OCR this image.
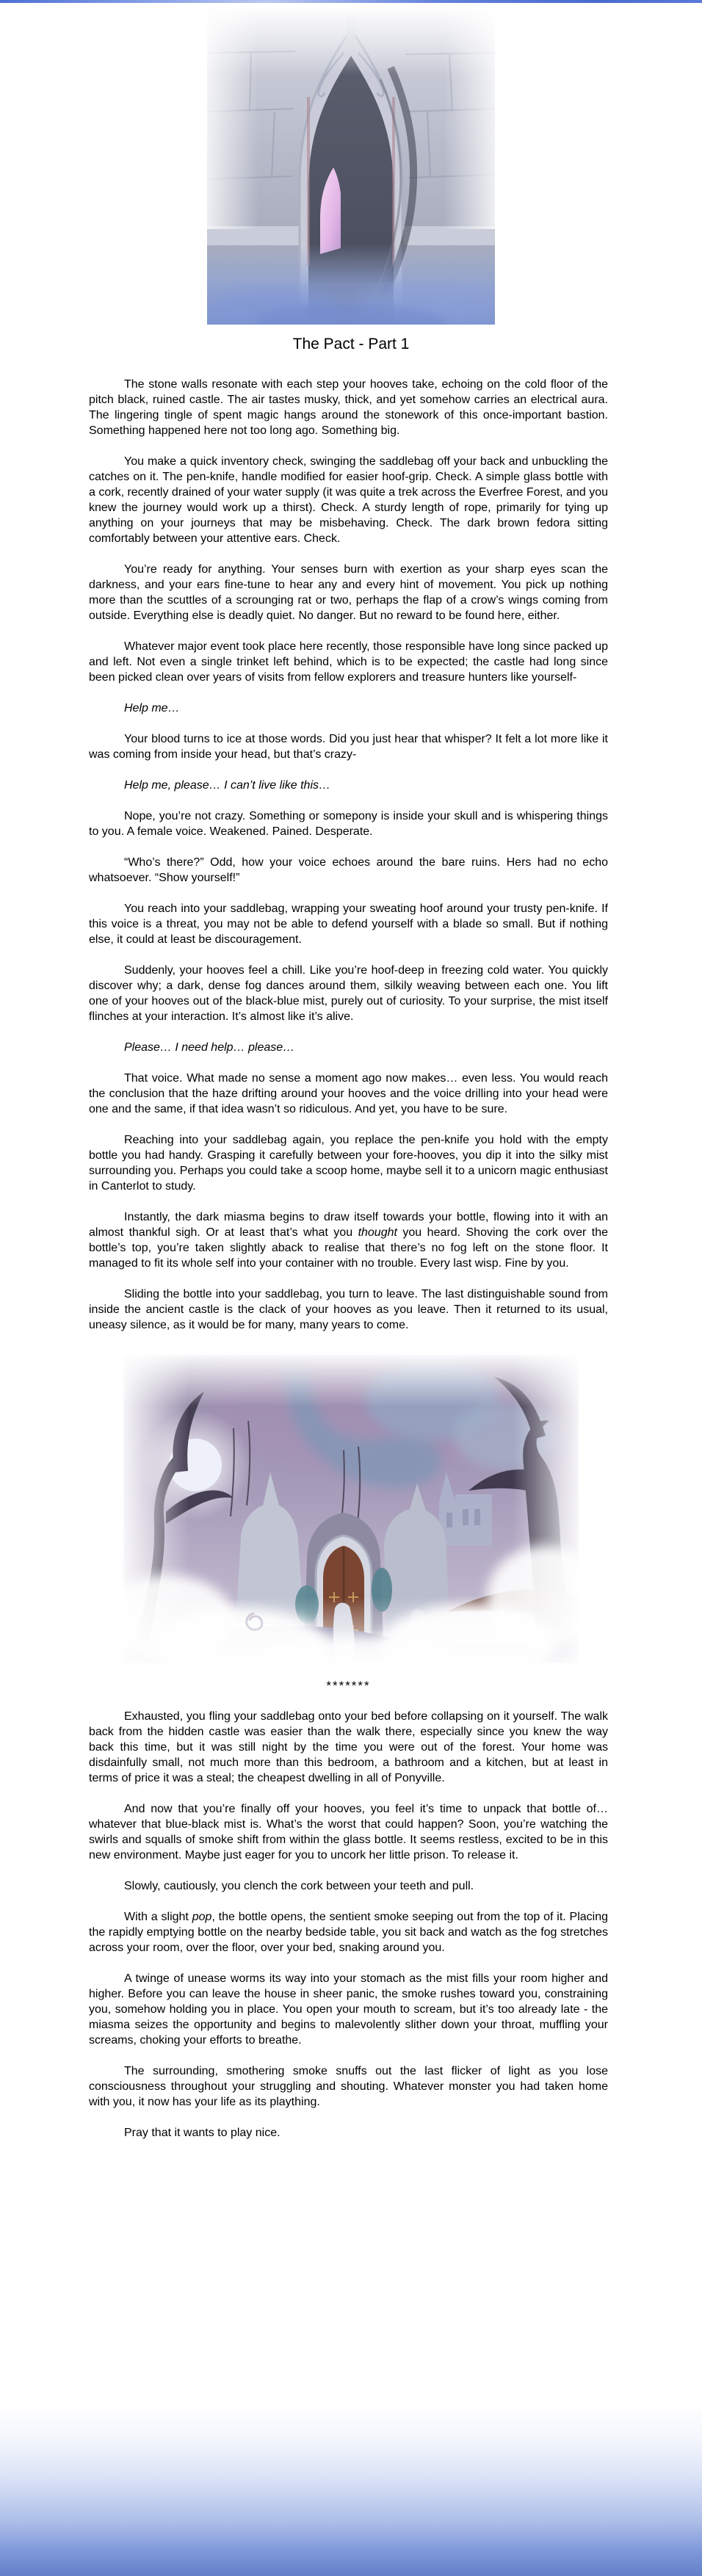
The Pact - Part 1

The stone walls resonate with each step your hooves take, echoing on the cold floor of the pitch black, ruined castle. The air tastes musky, thick, and yet somehow carries an electrical aura. The lingering tingle of spent magic hangs around the stonework of this once-important bastion. Something happened here not too long ago. Something big.

You make a quick inventory check, swinging the saddlebag off your back and unbuckling the catches on it. The pen-knife, handle modified for easier hoof-grip. Check. A simple glass bottle with a cork, recently drained of your water supply (it was quite a trek across the Everfree Forest, and you knew the journey would work up a thirst). Check. A sturdy length of rope, primarily for tying up anything on your journeys that may be misbehaving. Check. The dark brown fedora sitting comfortably between your attentive ears. Check.

You’re ready for anything. Your senses burn with exertion as your sharp eyes scan the darkness, and your ears fine-tune to hear any and every hint of movement. You pick up nothing more than the scuttles of a scrounging rat or two, perhaps the flap of a crow’s wings coming from outside. Everything else is deadly quiet. No danger. But no reward to be found here, either.

Whatever major event took place here recently, those responsible have long since packed up and left. Not even a single trinket left behind, which is to be expected; the castle had long since been picked clean over years of visits from fellow explorers and treasure hunters like yourself-

Help me…

Your blood turns to ice at those words. Did you just hear that whisper? It felt a lot more like it was coming from inside your head, but that’s crazy-

Help me, please… I can’t live like this…

Nope, you’re not crazy. Something or somepony is inside your skull and is whispering things to you. A female voice. Weakened. Pained. Desperate.

“Who’s there?” Odd, how your voice echoes around the bare ruins. Hers had no echo whatsoever. “Show yourself!”

You reach into your saddlebag, wrapping your sweating hoof around your trusty pen-knife. If this voice is a threat, you may not be able to defend yourself with a blade so small. But if nothing else, it could at least be discouragement.

Suddenly, your hooves feel a chill. Like you’re hoof-deep in freezing cold water. You quickly discover why; a dark, dense fog dances around them, silkily weaving between each one. You lift one of your hooves out of the black-blue mist, purely out of curiosity. To your surprise, the mist itself flinches at your interaction. It’s almost like it’s alive.

Please… I need help… please…

That voice. What made no sense a moment ago now makes… even less. You would reach the conclusion that the haze drifting around your hooves and the voice drilling into your head were one and the same, if that idea wasn’t so ridiculous. And yet, you have to be sure.

Reaching into your saddlebag again, you replace the pen-knife you hold with the empty bottle you had handy. Grasping it carefully between your fore-hooves, you dip it into the silky mist surrounding you. Perhaps you could take a scoop home, maybe sell it to a unicorn magic enthusiast in Canterlot to study.

Instantly, the dark miasma begins to draw itself towards your bottle, flowing into it with an almost thankful sigh. Or at least that’s what you thought you heard. Shoving the cork over the bottle’s top, you’re taken slightly aback to realise that there’s no fog left on the stone floor. It managed to fit its whole self into your container with no trouble. Every last wisp. Fine by you.

Sliding the bottle into your saddlebag, you turn to leave. The last distinguishable sound from inside the ancient castle is the clack of your hooves as you leave. Then it returned to its usual, uneasy silence, as it would be for many, many years to come.

*******

Exhausted, you fling your saddlebag onto your bed before collapsing on it yourself. The walk back from the hidden castle was easier than the walk there, especially since you knew the way back this time, but it was still night by the time you were out of the forest. Your home was disdainfully small, not much more than this bedroom, a bathroom and a kitchen, but at least in terms of price it was a steal; the cheapest dwelling in all of Ponyville.

And now that you’re finally off your hooves, you feel it’s time to unpack that bottle of… whatever that blue-black mist is. What’s the worst that could happen? Soon, you’re watching the swirls and squalls of smoke shift from within the glass bottle. It seems restless, excited to be in this new environment. Maybe just eager for you to uncork her little prison. To release it.

Slowly, cautiously, you clench the cork between your teeth and pull.

With a slight pop, the bottle opens, the sentient smoke seeping out from the top of it. Placing the rapidly emptying bottle on the nearby bedside table, you sit back and watch as the fog stretches across your room, over the floor, over your bed, snaking around you.

A twinge of unease worms its way into your stomach as the mist fills your room higher and higher. Before you can leave the house in sheer panic, the smoke rushes toward you, constraining you, somehow holding you in place. You open your mouth to scream, but it’s too already late - the miasma seizes the opportunity and begins to malevolently slither down your throat, muffling your screams, choking your efforts to breathe.

The surrounding, smothering smoke snuffs out the last flicker of light as you lose consciousness throughout your struggling and shouting. Whatever monster you had taken home with you, it now has your life as its plaything.

Pray that it wants to play nice.
